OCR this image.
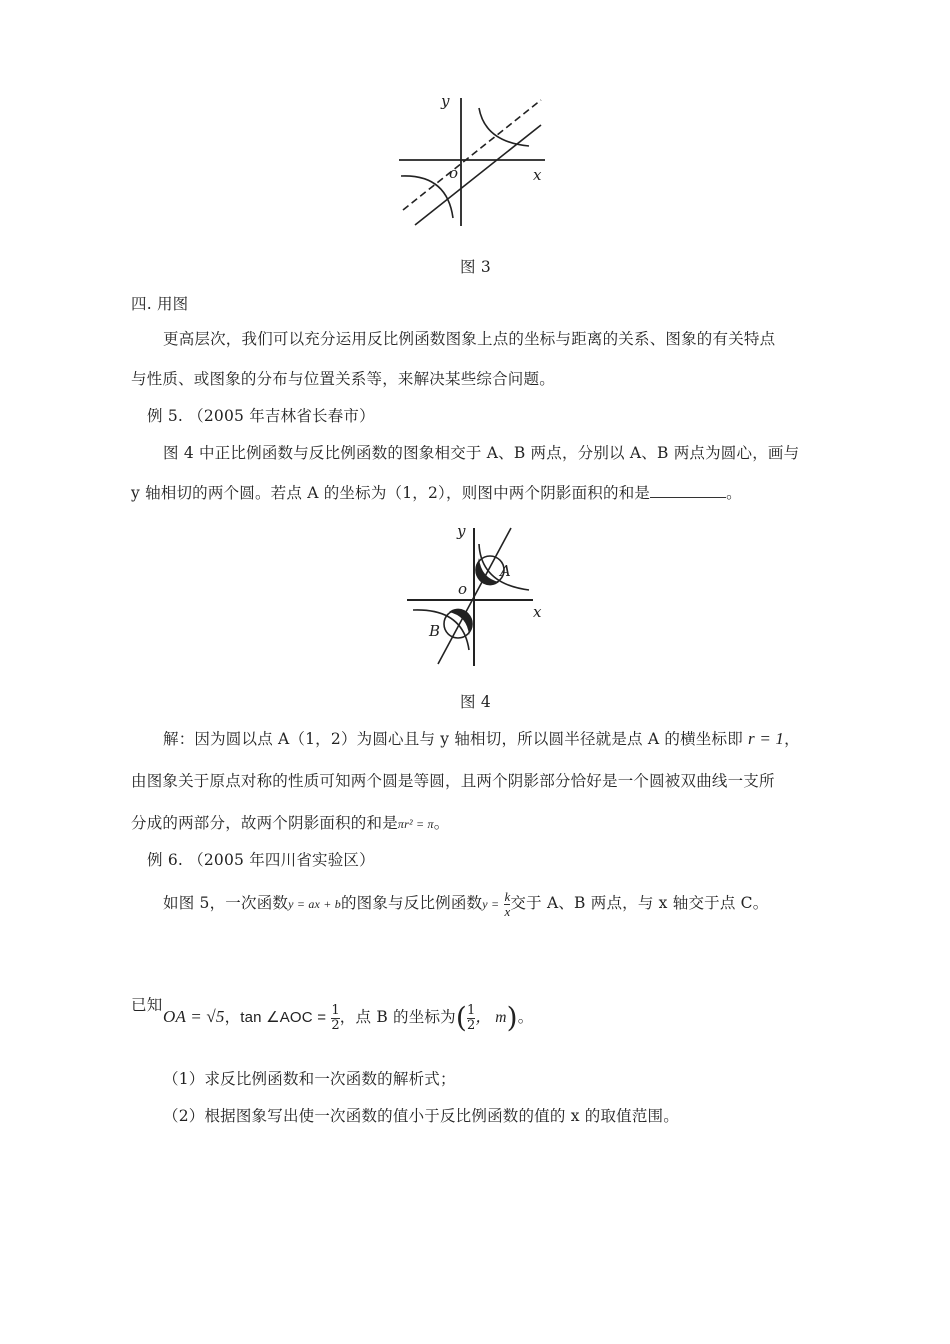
y
x
o
图 3
四. 用图
更高层次，我们可以充分运用反比例函数图象上点的坐标与距离的关系、图象的有关特点
与性质、或图象的分布与位置关系等，来解决某些综合问题。
例 5. （2005 年吉林省长春市）
图 4 中正比例函数与反比例函数的图象相交于 A、B 两点，分别以 A、B 两点为圆心，画与
y 轴相切的两个圆。若点 A 的坐标为（1，2），则图中两个阴影面积的和是	。
y
x
o
A
B
图 4
解：因为圆以点 A（1，2）为圆心且与 y 轴相切，所以圆半径就是点 A 的横坐标即 r = 1，
由图象关于原点对称的性质可知两个圆是等圆，且两个阴影部分恰好是一个圆被双曲线一支所
分成的两部分，故两个阴影面积的和是πr² = π。
例 6. （2005 年四川省实验区）
如图 5，一次函数y = ax + b的图象与反比例函数$y = \frac{k}{x}$ 交于 A、B 两点，与 x 轴交于点 C。
已知
OA = √5，tan ∠AOC = $\frac{1}{2}$ ，点 B 的坐标为( $\frac{1}{2}$ ， m)。
（1）求反比例函数和一次函数的解析式；
（2）根据图象写出使一次函数的值小于反比例函数的值的 x 的取值范围。
